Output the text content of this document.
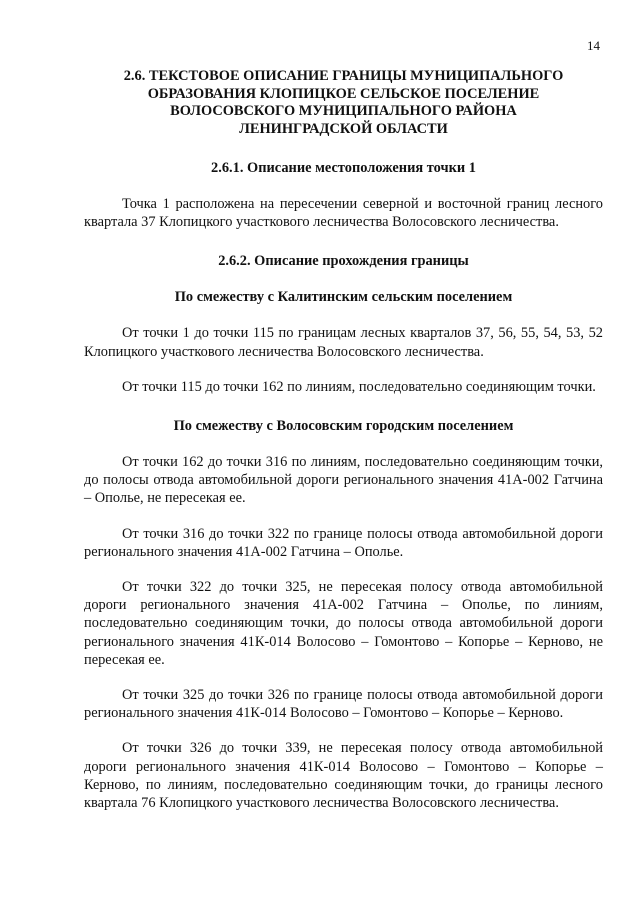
14
2.6. ТЕКСТОВОЕ ОПИСАНИЕ ГРАНИЦЫ МУНИЦИПАЛЬНОГО
ОБРАЗОВАНИЯ КЛОПИЦКОЕ СЕЛЬСКОЕ ПОСЕЛЕНИЕ
ВОЛОСОВСКОГО МУНИЦИПАЛЬНОГО РАЙОНА
ЛЕНИНГРАДСКОЙ ОБЛАСТИ
2.6.1. Описание местоположения точки 1

Точка 1 расположена на пересечении северной и восточной границ лесного квартала 37 Клопицкого участкового лесничества Волосовского лесничества.

2.6.2. Описание прохождения границы
По смежеству с Калитинским сельским поселением

От точки 1 до точки 115 по границам лесных кварталов 37, 56, 55, 54, 53, 52 Клопицкого участкового лесничества Волосовского лесничества.

От точки 115 до точки 162 по линиям, последовательно соединяющим точки.

По смежеству с Волосовским городским поселением

От точки 162 до точки 316 по линиям, последовательно соединяющим точки, до полосы отвода автомобильной дороги регионального значения 41А-002 Гатчина – Ополье, не пересекая ее.

От точки 316 до точки 322 по границе полосы отвода автомобильной дороги регионального значения 41А-002 Гатчина – Ополье.

От точки 322 до точки 325, не пересекая полосу отвода автомобильной дороги регионального значения 41А-002 Гатчина – Ополье, по линиям, последовательно соединяющим точки, до полосы отвода автомобильной дороги регионального значения 41К-014 Волосово – Гомонтово – Копорье – Керново, не пересекая ее.

От точки 325 до точки 326 по границе полосы отвода автомобильной дороги регионального значения 41К-014 Волосово – Гомонтово – Копорье – Керново.

От точки 326 до точки 339, не пересекая полосу отвода автомобильной дороги регионального значения 41К-014 Волосово – Гомонтово – Копорье – Керново, по линиям, последовательно соединяющим точки, до границы лесного квартала 76 Клопицкого участкового лесничества Волосовского лесничества.
